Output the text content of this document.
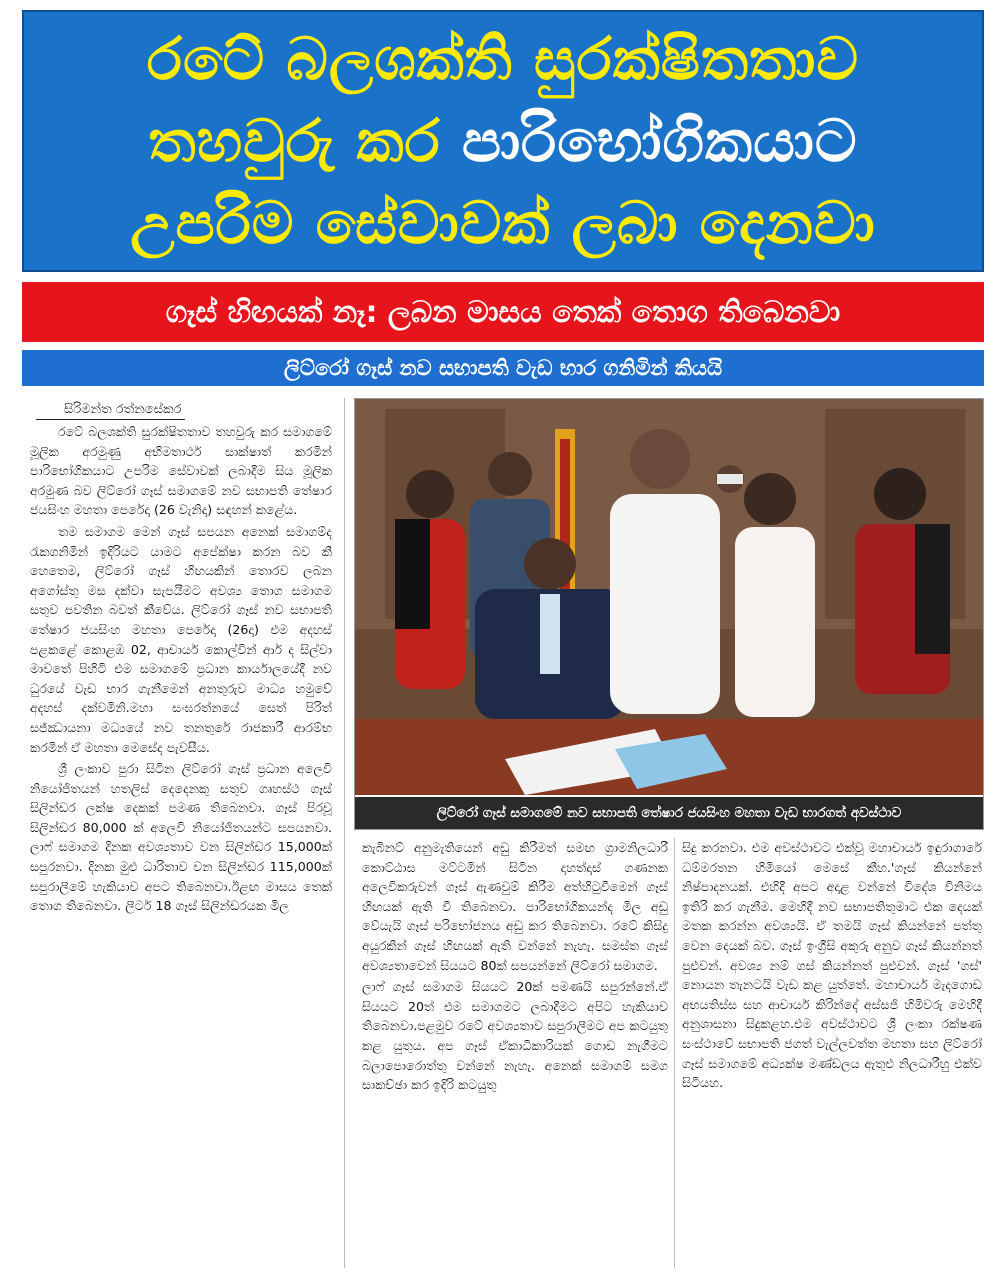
රටේ බලශක්ති සුරක්ෂිතතාව
තහවුරු කර පාරිභෝගිකයාට
උපරිම සේවාවක් ලබා දෙනවා
ගෑස් හිඟයක් නෑ: ලබන මාසය තෙක් තොග තිබෙනවා
ලිට්රෝ ගෑස් නව සභාපති වැඩ භාර ගනිමින් කියයි
සිරිමන්ත රත්නසේකර

රටේ බලශක්ති සුරක්ෂිතතාව තහවුරු කර සමාගමේ මූලික අරමුණු අභිමතාර්ථ සාක්ෂාත් කරමින් පාරිභෝගිකයාට උපරිම සේවාවක් ලබාදීම සිය මූලික අරමුණ බව ලිට්රෝ ගෑස් සමාගමේ නව සභාපති තේෂාර ජයසිංහ මහතා පෙරේදා (26 වැනිදා) සඳහන් කළේය.

තම සමාගම මෙන් ගෑස් සපයන අනෙක් සමාගම්ද රැකගනිමින් ඉදිරියට යාමට අපේක්ෂා කරන බව කී හෙතෙම, ලිට්රෝ ගෑස් හිඟයකින් තොරව ලබන අගෝස්තු මස දක්වා සැපයීමට අවශ්‍ය තොග සමාගම සතුව පවතින බවත් කීවේය. ලිට්රෝ ගෑස් නව සභාපති තේෂාර ජයසිංහ මහතා පෙරේදා (26දා) එම අදහස් පළකළේ කොළඹ 02, ආචාර්ය කොල්වින් ආර් ද සිල්වා මාවතේ පිහිටි එම සමාගමේ ප්‍රධාන කාර්යාලයේදී නව ධුරයේ වැඩ භාර ගැනීමෙන් අනතුරුව මාධ්‍ය හමුවේ අදහස් දක්වමිනි.මහා සංඝරත්නයේ සෙත් පිරිත් සජ්ඣායනා මධ්‍යයේ නව තනතුරේ රාජකාරී ආරම්භ කරමින් ඒ මහතා මෙසේද පැවසීය.

ශ්‍රී ලංකාව පුරා සිටින ලිට්රෝ ගෑස් ප්‍රධාන අලෙවි නියෝජිතයන් හතලිස් දෙදෙනකු සතුව ගෘහස්ථ ගෑස් සිලින්ඩර ලක්ෂ දෙකක් පමණ තිබෙනවා. ගෑස් පිරවූ සිලින්ඩර 80,000 ක් අලෙවි නියෝජිතයන්ට සපයනවා. ලාෆ් සමාගම දිනක අවශ්‍යතාව වන සිලින්ඩර 15,000ක් සපුරනවා. දිනක මුළු ධාරිතාව වන සිලින්ඩර 115,000ක් සපුරාලීමේ හැකියාව අපට තිබෙනවා.ඊළඟ මාසය තෙක් තොග තිබෙනවා. ලීටර් 18 ගෑස් සිලින්ඩරයක මිල

ලිට්රෝ ගෑස් සමාගමේ නව සභාපති තේෂාර ජයසිංහ මහතා වැඩ භාරගත් අවස්ථාව

කැබිනට් අනුමැතියෙන් අඩු කිරීමත් සමඟ ග්‍රාමනිලධාරී කොට්ඨාස මට්ටමින් සිටින දාහත්දාස් ගණනක අලෙවිකරුවන් ගෑස් ඇණවුම් කිරීම අත්හිටුවීමෙන් ගෑස් හිඟයක් ඇති වී තිබෙනවා. පාරිභෝගිකයන්ද මිල අඩු වේයැයි ගෑස් පරිභෝජනය අඩු කර තිබෙනවා. රටේ කිසිදු අයුරකින් ගෑස් හිඟයක් ඇති වන්නේ නැහැ. සමස්ත ගෑස් අවශ්‍යතාවෙන් සියයට 80ක් සපයන්නේ ලිට්රෝ සමාගම.

ලාෆ් ගෑස් සමාගම සියයට 20ක් පමණයි සපුරන්නේ.ඒ සියයට 20ත් එම සමාගමට ලබාදීමට අපිට හැකියාව තිබෙනවා.පළමුව රටේ අවශ්‍යතාව සපුරාලීමට අප කටයුතු කළ යුතුය. අප ගෑස් ඒකාධිකාරියක් ගොඩ නැගීමට බලාපොරොත්තු වන්නේ නැහැ. අනෙක් සමාගම් සමග සාකච්ඡා කර ඉදිරි කටයුතු

සිදු කරනවා. එම අවස්ථාවට එක්වූ මහාචාර්ය ඉඳුරාගාරේ ධම්මරතන හිමියෝ මෙසේ කීහ.'ගෑස් කියන්නේ නිෂ්පාදනයක්. එහිදී අපට අදාළ වන්නේ විදේශ විනිමය ඉතිරි කර ගැනීම. මෙහිදී නව සභාපතිතුමාට එක දෙයක් මතක කරන්න අවශ්‍යයි. ඒ තමයි ගෑස් කියන්නේ පත්තු වෙන දෙයක් බව. ගෑස් ඉංග්‍රීසි අකුරු අනුව ගෑස් කියන්නත් පුළුවන්. අවශ්‍ය නම් ගස් කියන්නත් පුළුවන්. ගෑස් 'ගස්' නොයන තැනටයි වැඩ කළ යුත්තේ. මහාචාර්ය මැදගොඩ අභයතිස්ස සහ ආචාර්ය කිරින්දේ අස්සජි හිමිවරු මෙහිදී අනුශාසනා සිදුකළහ.එම අවස්ථාවට ශ්‍රී ලංකා රක්ෂණ සංස්ථාවේ සභාපති ජගත් වැල්ලවත්ත මහතා සහ ලිට්රෝ ගෑස් සමාගමේ අධ්‍යක්ෂ මණ්ඩලය ඇතුළු නිලධාරීහු එක්ව සිටියහ.
